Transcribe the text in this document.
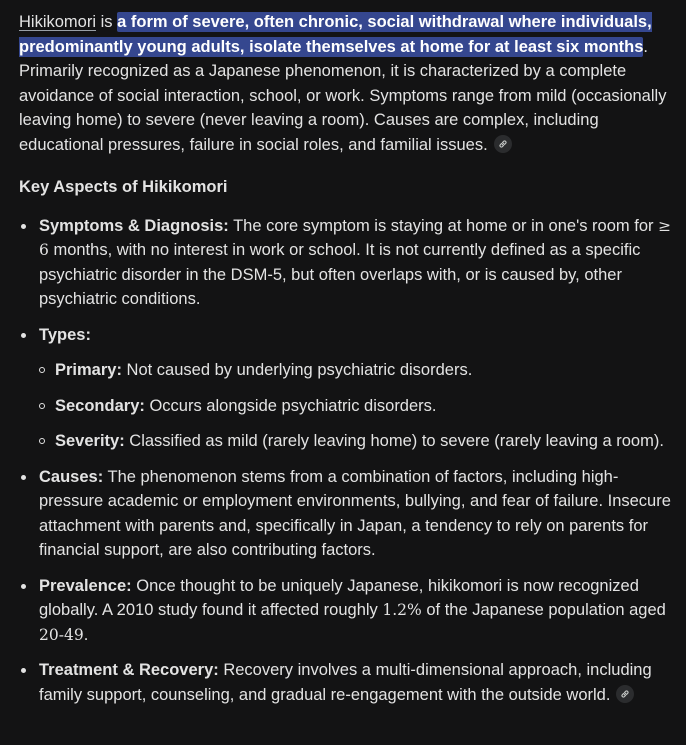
Hikikomori is a form of severe, often chronic, social withdrawal where individuals, predominantly young adults, isolate themselves at home for at least six months. Primarily recognized as a Japanese phenomenon, it is characterized by a complete avoidance of social interaction, school, or work. Symptoms range from mild (occasionally leaving home) to severe (never leaving a room). Causes are complex, including educational pressures, failure in social roles, and familial issues.

Key Aspects of Hikikomori
Symptoms & Diagnosis: The core symptom is staying at home or in one's room for ≥ 6 months, with no interest in work or school. It is not currently defined as a specific psychiatric disorder in the DSM-5, but often overlaps with, or is caused by, other psychiatric conditions.
Types:
Primary: Not caused by underlying psychiatric disorders.
Secondary: Occurs alongside psychiatric disorders.
Severity: Classified as mild (rarely leaving home) to severe (rarely leaving a room).
Causes: The phenomenon stems from a combination of factors, including high-pressure academic or employment environments, bullying, and fear of failure. Insecure attachment with parents and, specifically in Japan, a tendency to rely on parents for financial support, are also contributing factors.
Prevalence: Once thought to be uniquely Japanese, hikikomori is now recognized globally. A 2010 study found it affected roughly 1.2% of the Japanese population aged 20-49.
Treatment & Recovery: Recovery involves a multi-dimensional approach, including family support, counseling, and gradual re-engagement with the outside world.
